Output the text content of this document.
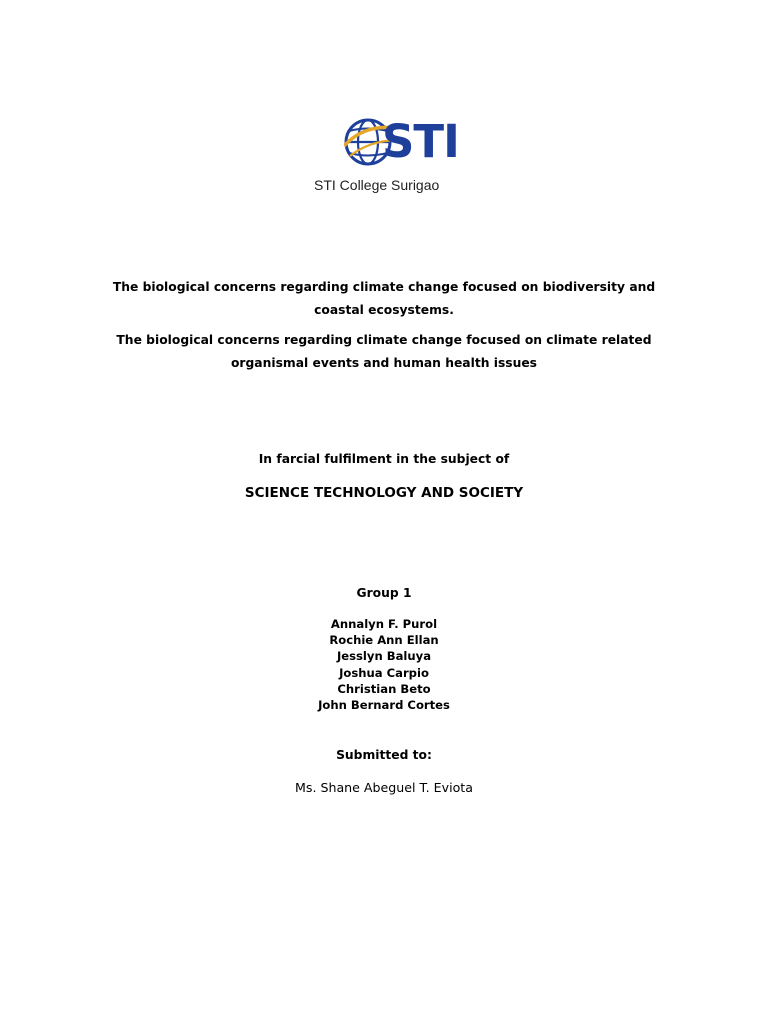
STI
STI College Surigao
The biological concerns regarding climate change focused on biodiversity and coastal ecosystems.
The biological concerns regarding climate change focused on climate related organismal events and human health issues
In farcial fulfilment in the subject of
SCIENCE TECHNOLOGY AND SOCIETY
Group 1
Annalyn F. Purol
Rochie Ann Ellan
Jesslyn Baluya
Joshua Carpio
Christian Beto
John Bernard Cortes
Submitted to:
Ms. Shane Abeguel T. Eviota
